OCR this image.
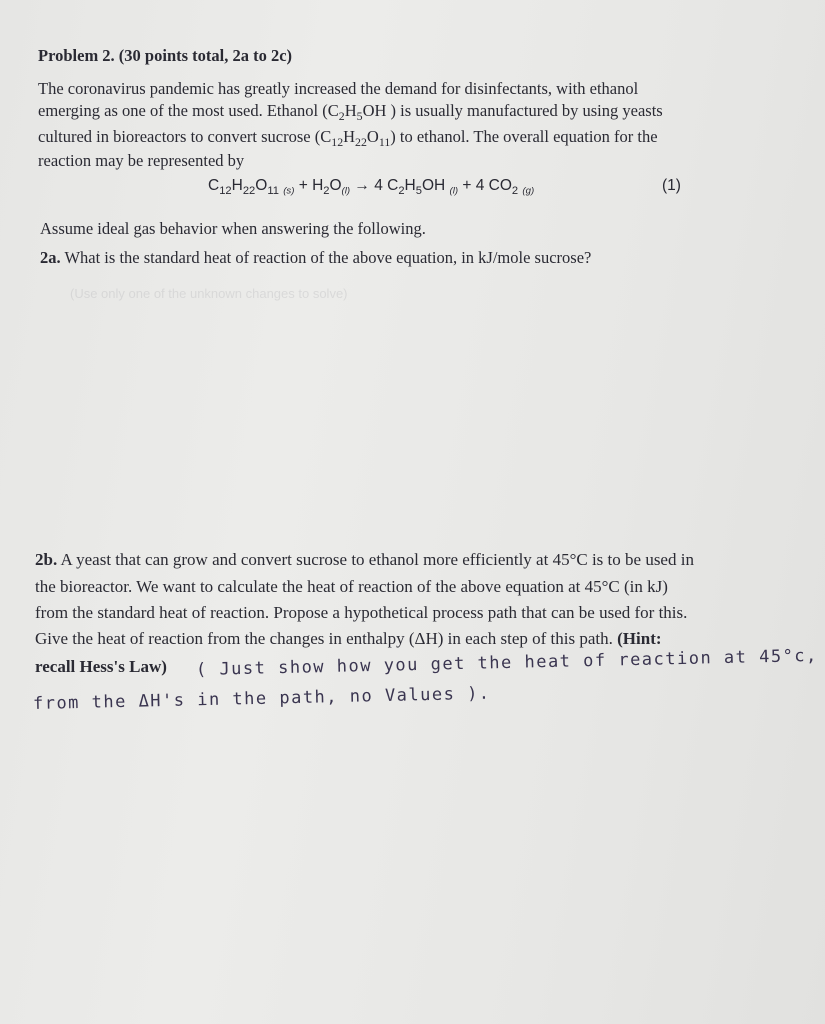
Problem 2. (30 points total, 2a to 2c)
The coronavirus pandemic has greatly increased the demand for disinfectants, with ethanol
emerging as one of the most used. Ethanol ($C_2H_5OH$ ) is usually manufactured by using yeasts
cultured in bioreactors to convert sucrose $(C_{12}H_{22}O_{11})$ to ethanol. The overall equation for the
reaction may be represented by
$C_{12}H_{22}O_{11}$ $_{(s)} + H_2O_{(l)} \to 4$ $C_2H_5OH$ $_{(l)}$ + 4 $CO_2$ $_{(g)}$	(1)
Assume ideal gas behavior when answering the following.
2a. What is the standard heat of reaction of the above equation, in kJ/mole sucrose?
(Use only one of the unknown changes to solve)
2b. A yeast that can grow and convert sucrose to ethanol more efficiently at 45°C is to be used in
the bioreactor. We want to calculate the heat of reaction of the above equation at 45°C (in kJ)
from the standard heat of reaction. Propose a hypothetical process path that can be used for this.
Give the heat of reaction from the changes in enthalpy (ΔH) in each step of this path. (Hint:
recall Hess's Law) ( Just show how you get the heat of reaction at 45°c,
from the ΔH's in the path, no Values ).
